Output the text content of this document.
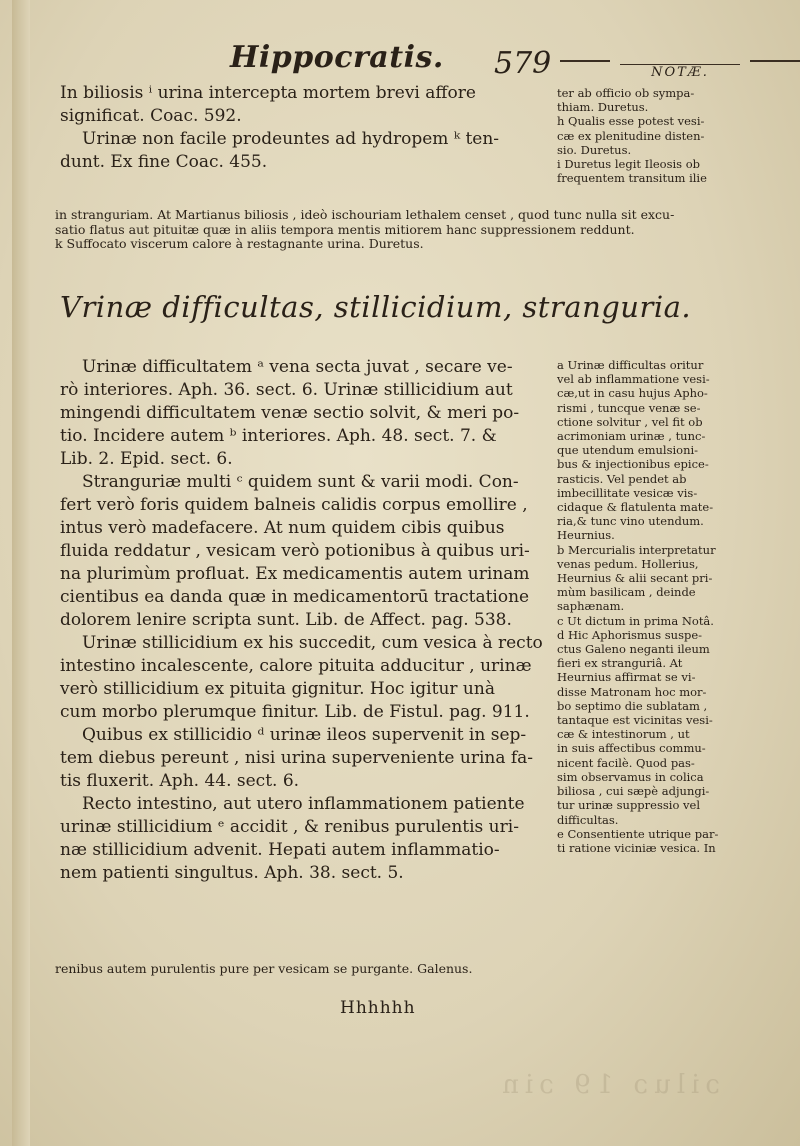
Hippocratis. 579	NOTÆ.

In biliosis ⁱ urina intercepta mortem brevi affore

significat. Coac. 592.

Urinæ non facile prodeuntes ad hydropem ᵏ ten-

dunt. Ex fine Coac. 455.

ter ab officio ob sympa-

thiam. Duretus.

h Qualis esse potest vesi-

cæ ex plenitudine disten-

sio. Duretus.

i Duretus legit Ileosis ob

frequentem transitum ilie

in stranguriam. At Martianus biliosis , ideò ischouriam lethalem censet , quod tunc nulla sit excu-

satio flatus aut pituitæ quæ in aliis tempora mentis mitiorem hanc suppressionem reddunt.

k Suffocato viscerum calore à restagnante urina. Duretus.

Vrinæ difficultas, stillicidium, stranguria.

Urinæ difficultatem ᵃ vena secta juvat , secare ve-

rò interiores. Aph. 36. sect. 6. Urinæ stillicidium aut

mingendi difficultatem venæ sectio solvit, & meri po-

tio. Incidere autem ᵇ interiores. Aph. 48. sect. 7. &

Lib. 2. Epid. sect. 6.

Stranguriæ multi ᶜ quidem sunt & varii modi. Con-

fert verò foris quidem balneis calidis corpus emollire ,

intus verò madefacere. At num quidem cibis quibus

fluida reddatur , vesicam verò potionibus à quibus uri-

na plurimùm profluat. Ex medicamentis autem urinam

cientibus ea danda quæ in medicamentorū tractatione

dolorem lenire scripta sunt. Lib. de Affect. pag. 538.

Urinæ stillicidium ex his succedit, cum vesica à recto

intestino incalescente, calore pituita adducitur , urinæ

verò stillicidium ex pituita gignitur. Hoc igitur unà

cum morbo plerumque finitur. Lib. de Fistul. pag. 911.

Quibus ex stillicidio ᵈ urinæ ileos supervenit in sep-

tem diebus pereunt , nisi urina superveniente urina fa-

tis fluxerit. Aph. 44. sect. 6.

Recto intestino, aut utero inflammationem patiente

urinæ stillicidium ᵉ accidit , & renibus purulentis uri-

næ stillicidium advenit. Hepati autem inflammatio-

nem patienti singultus. Aph. 38. sect. 5.

a Urinæ difficultas oritur

vel ab inflammatione vesi-

cæ,ut in casu hujus Apho-

rismi , tuncque venæ se-

ctione solvitur , vel fit ob

acrimoniam urinæ , tunc-

que utendum emulsioni-

bus & injectionibus epice-

rasticis. Vel pendet ab

imbecillitate vesicæ vis-

cidaque & flatulenta mate-

ria,& tunc vino utendum.

Heurnius.

b Mercurialis interpretatur

venas pedum. Hollerius,

Heurnius & alii secant pri-

mùm basilicam , deinde

saphænam.

c Ut dictum in prima Notâ.

d Hic Aphorismus suspe-

ctus Galeno neganti ileum

fieri ex stranguriâ. At

Heurnius affirmat se vi-

disse Matronam hoc mor-

bo septimo die sublatam ,

tantaque est vicinitas vesi-

cæ & intestinorum , ut

in suis affectibus commu-

nicent facilè. Quod pas-

sim observamus in colica

biliosa , cui sæpè adjungi-

tur urinæ suppressio vel

difficultas.

e Consentiente utrique par-

ti ratione viciniæ vesica. In

renibus autem purulentis pure per vesicam se purgante. Galenus.

Hhhhhh
ɔiluɔ 19 ɔin
